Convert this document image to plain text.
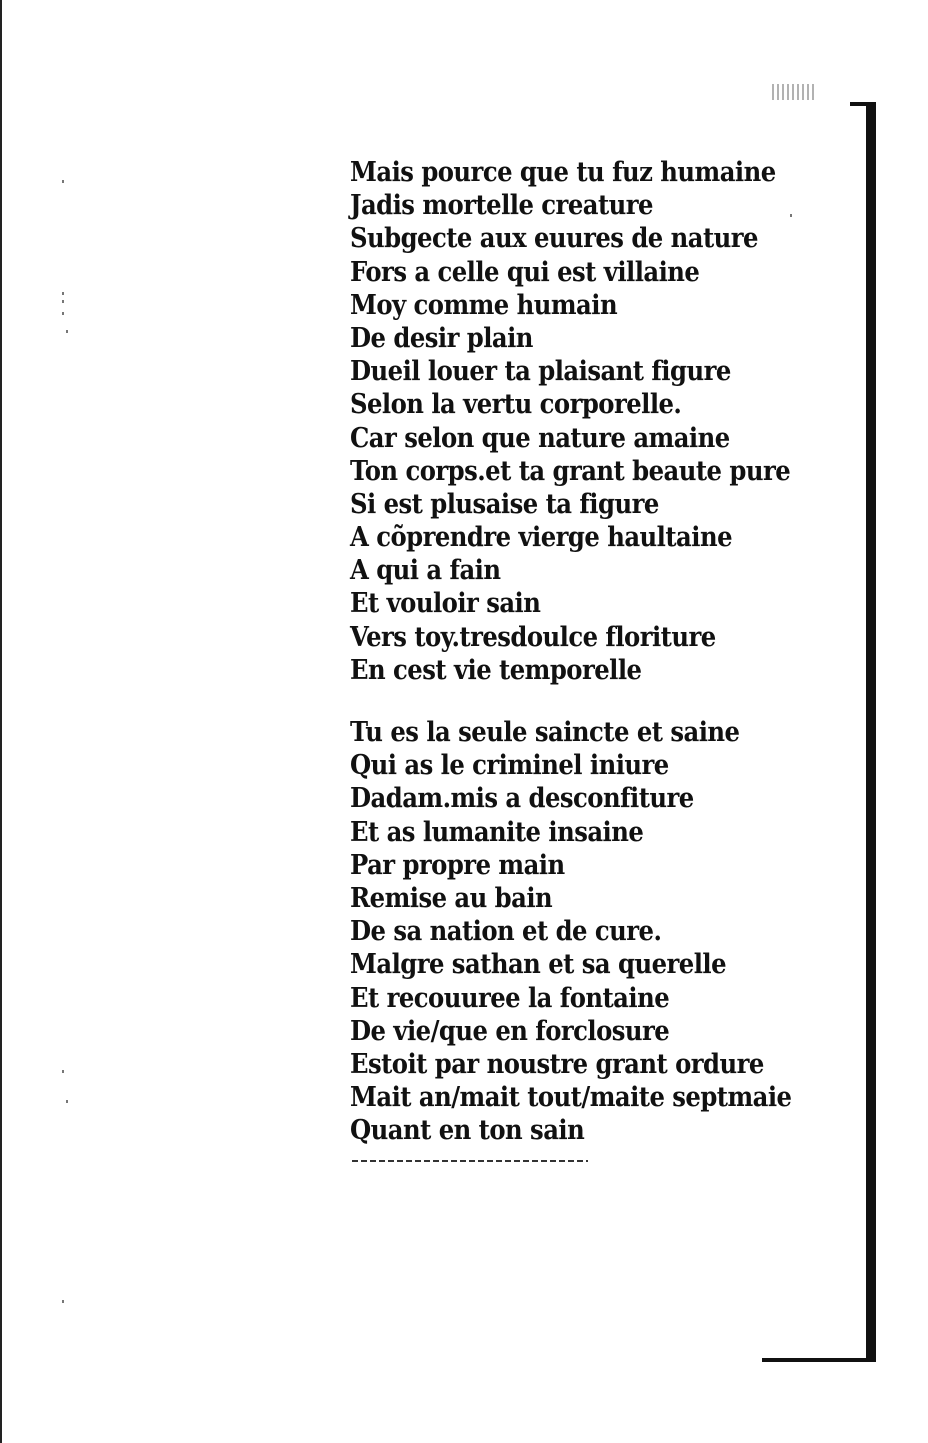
Mais pource que tu fuz humaine
Jadis mortelle creature
Subgecte aux euures de nature
Fors a celle qui est villaine
Moy comme humain
De desir plain
Dueil louer ta plaisant figure
Selon la vertu corporelle.
Car selon que nature amaine
Ton corps.et ta grant beaute pure
Si est plusaise ta figure
A cõprendre vierge haultaine
A qui a fain
Et vouloir sain
Vers toy.tresdoulce floriture
En cest vie temporelle
Tu es la seule saincte et saine
Qui as le criminel iniure
Dadam.mis a desconfiture
Et as lumanite insaine
Par propre main
Remise au bain
De sa nation et de cure.
Malgre sathan et sa querelle
Et recouuree la fontaine
De vie/que en forclosure
Estoit par noustre grant ordure
Mait an/mait tout/maite septmaie
Quant en ton sain
